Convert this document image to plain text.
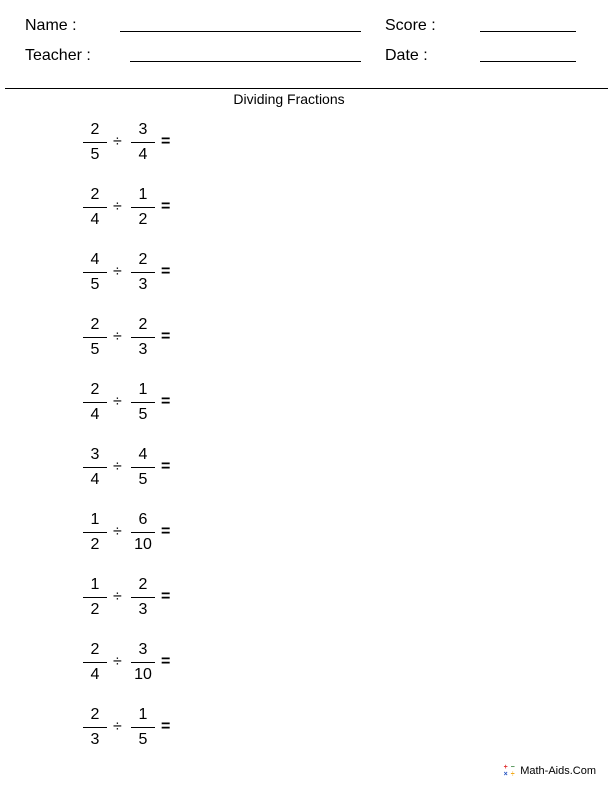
Name :	Score :
Teacher :	Date :
Dividing Fractions
2
5
÷
3
4
=
2
4
÷
1
2
=
4
5
÷
2
3
=
2
5
÷
2
3
=
2
4
÷
1
5
=
3
4
÷
4
5
=
1
2
÷
6
10
=
1
2
÷
2
3
=
2
4
÷
3
10
=
2
3
÷
1
5
=
+ −
× ÷ Math-Aids.Com
